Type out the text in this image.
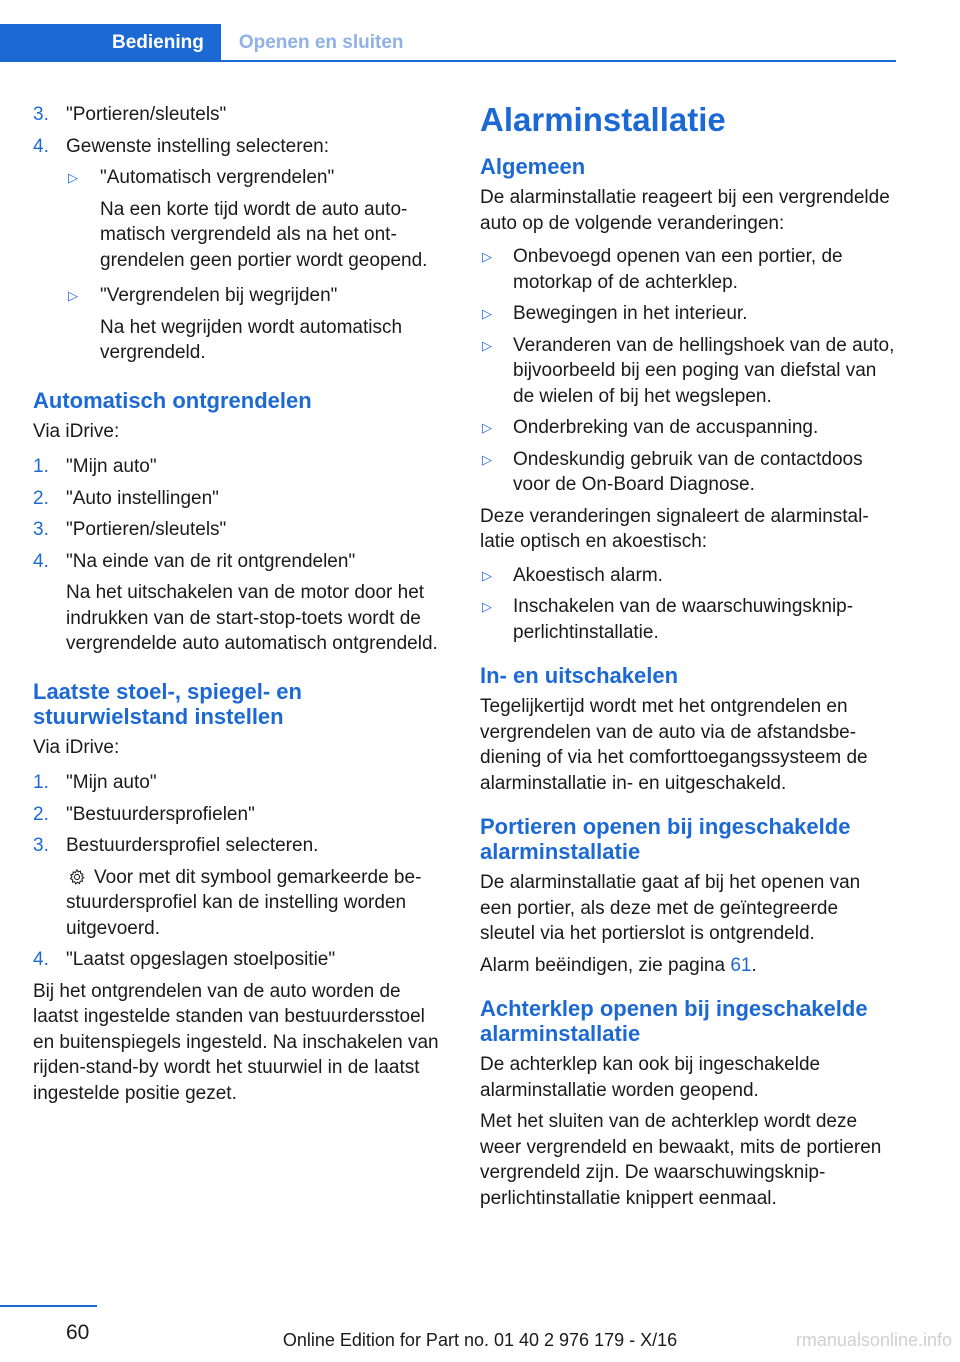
Bediening	Openen en sluiten
3. "Portieren/sleutels"
4. Gewenste instelling selecteren:
▷ "Automatisch vergrendelen"
Na een korte tijd wordt de auto automatisch vergrendeld als na het ontgrendelen geen portier wordt geopend.
▷ "Vergrendelen bij wegrijden"
Na het wegrijden wordt automatisch vergrendeld.
Automatisch ontgrendelen
Via iDrive:
1. "Mijn auto"
2. "Auto instellingen"
3. "Portieren/sleutels"
4. "Na einde van de rit ontgrendelen"
Na het uitschakelen van de motor door het indrukken van de start-stop-toets wordt de vergrendelde auto automatisch ontgrendeld.
Laatste stoel-, spiegel- en stuurwielstand instellen
Via iDrive:
1. "Mijn auto"
2. "Bestuurdersprofielen"
3. Bestuurdersprofiel selecteren.
Voor met dit symbool gemarkeerde bestuurdersprofiel kan de instelling worden uitgevoerd.
4. "Laatst opgeslagen stoelpositie"
Bij het ontgrendelen van de auto worden de laatst ingestelde standen van bestuurdersstoel en buitenspiegels ingesteld. Na inschakelen van rijden-stand-by wordt het stuurwiel in de laatst ingestelde positie gezet.
Alarminstallatie
Algemeen
De alarminstallatie reageert bij een vergrendelde auto op de volgende veranderingen:
▷ Onbevoegd openen van een portier, de motorkap of de achterklep.
▷ Bewegingen in het interieur.
▷ Veranderen van de hellingshoek van de auto, bijvoorbeeld bij een poging van diefstal van de wielen of bij het wegslepen.
▷ Onderbreking van de accuspanning.
▷ Ondeskundig gebruik van de contactdoos voor de On-Board Diagnose.
Deze veranderingen signaleert de alarminstallatie optisch en akoestisch:
▷ Akoestisch alarm.
▷ Inschakelen van de waarschuwingsknipperlichtinstallatie.
In- en uitschakelen
Tegelijkertijd wordt met het ontgrendelen en vergrendelen van de auto via de afstandsbediening of via het comforttoegangssysteem de alarminstallatie in- en uitgeschakeld.
Portieren openen bij ingeschakelde alarminstallatie
De alarminstallatie gaat af bij het openen van een portier, als deze met de geïntegreerde sleutel via het portierslot is ontgrendeld.
Alarm beëindigen, zie pagina 61.
Achterklep openen bij ingeschakelde alarminstallatie
De achterklep kan ook bij ingeschakelde alarminstallatie worden geopend.
Met het sluiten van de achterklep wordt deze weer vergrendeld en bewaakt, mits de portieren vergrendeld zijn. De waarschuwingsknipperlichtinstallatie knippert eenmaal.
60	Online Edition for Part no. 01 40 2 976 179 - X/16	rmanualsonline.info
